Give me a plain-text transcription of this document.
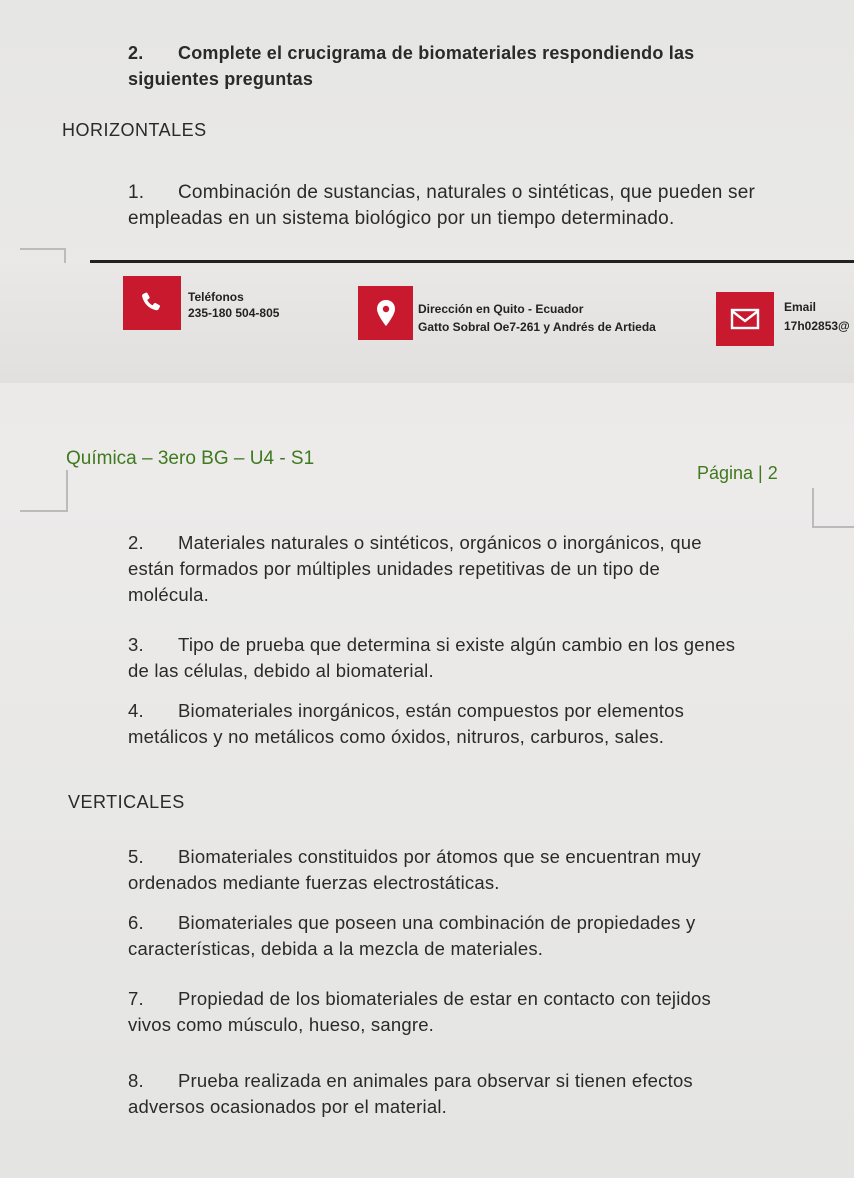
2. Complete el crucigrama de biomateriales respondiendo las
siguientes preguntas
HORIZONTALES
1. Combinación de sustancias, naturales o sintéticas, que pueden ser
empleadas en un sistema biológico por un tiempo determinado.
Teléfonos
235-180 504-805	Dirección en Quito - Ecuador
Gatto Sobral Oe7-261 y Andrés de Artieda
Email
17h02853@
Química – 3ero BG – U4 - S1
Página | 2
2. Materiales naturales o sintéticos, orgánicos o inorgánicos, que
están formados por múltiples unidades repetitivas de un tipo de
molécula.
3. Tipo de prueba que determina si existe algún cambio en los genes
de las células, debido al biomaterial.
4. Biomateriales inorgánicos, están compuestos por elementos
metálicos y no metálicos como óxidos, nitruros, carburos, sales.
VERTICALES
5. Biomateriales constituidos por átomos que se encuentran muy
ordenados mediante fuerzas electrostáticas.
6. Biomateriales que poseen una combinación de propiedades y
características, debida a la mezcla de materiales.
7. Propiedad de los biomateriales de estar en contacto con tejidos
vivos como músculo, hueso, sangre.
8. Prueba realizada en animales para observar si tienen efectos
adversos ocasionados por el material.
